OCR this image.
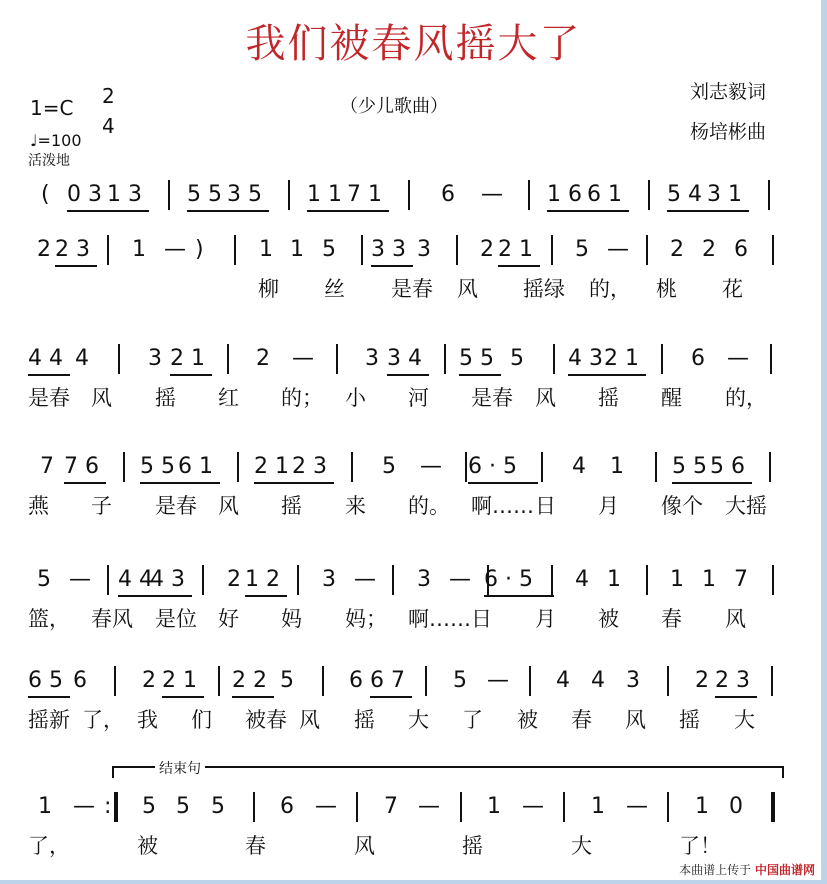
我们被春风摇大了
（少儿歌曲）
刘志毅词
杨培彬曲
1=C 2
4
♩=100
活泼地
( 0 3 1 3 5 5 3 5 1 1 7 1	6 — 1 6 6 1 5 4 3 1
2 2 3 1 — )	1 1 5 3 3 3 2 2 1 5 — 2 2 6
柳 丝 是春 风 摇绿 的， 桃 花
4 4 4	3 2 1 2 — 3 3 4 5 5 5 4 3 2 1 6 —
是春 风 摇 红 的； 小 河 是春 风 摇 醒 的，
7 7 6 5 5 6 1 2 1 2 3	5 — 6 · 5	4 1 5 5 5 6
燕 子 是春 风 摇 来 的。 啊…… 日 月 像个 大摇
5 — 4 4
4 3 2 1 2 3 — 3 — 6 · 5 4 1 1 1 7
篮， 春风 是位 好 妈 妈； 啊…… 日 月 被 春 风
6 5 6	2 2 1 2 2 5	6 6 7 5 — 4 4 3	2 2 3
摇新 了， 我 们 被春 风 摇 大 了 被 春 风 摇 大
1 — : 5 5 5	6 — 7 — 1 — 1 — 1 0
了，	被	春	风	摇	大	了！
结束句
本曲谱上传于 中国曲谱网
